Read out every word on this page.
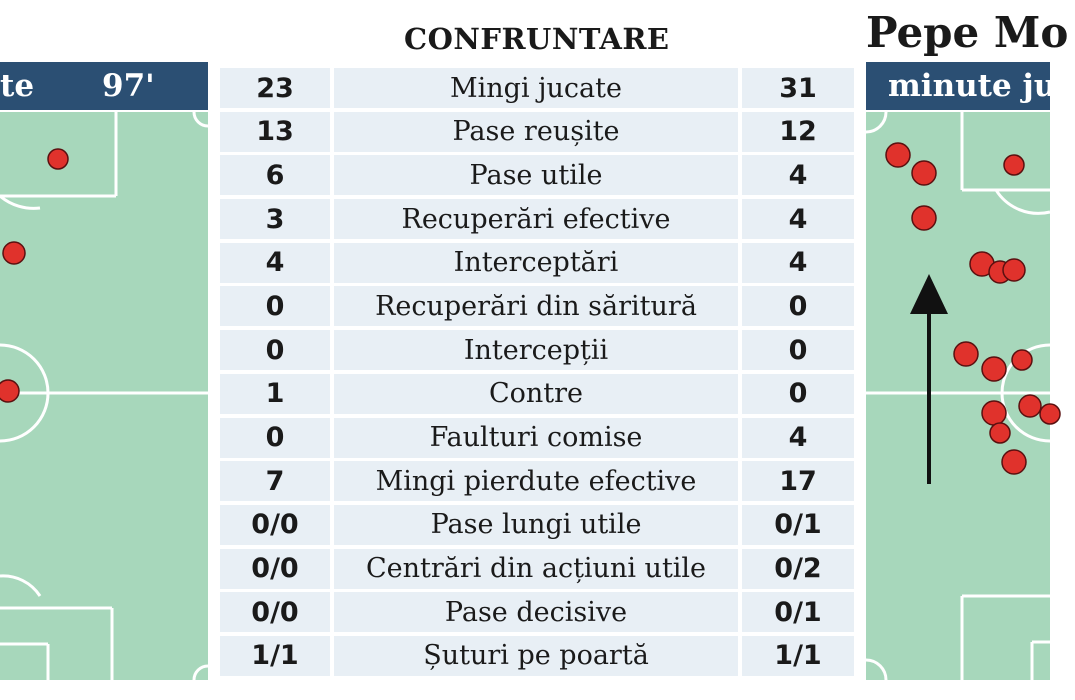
te 97'
CONFRUNTARE
23	Mingi jucate	31
13	Pase reușite	12
6	Pase utile	4
3	Recuperări efective	4
4	Interceptări	4
0	Recuperări din săritură	0
0	Intercepții	0
1	Contre	0
0	Faulturi comise	4
7	Mingi pierdute efective	17
0/0	Pase lungi utile	0/1
0/0 Centrări din acțiuni utile	0/2
0/0	Pase decisive	0/1
1/1	Șuturi pe poartă	1/1
Pepe Mo
minute juc
